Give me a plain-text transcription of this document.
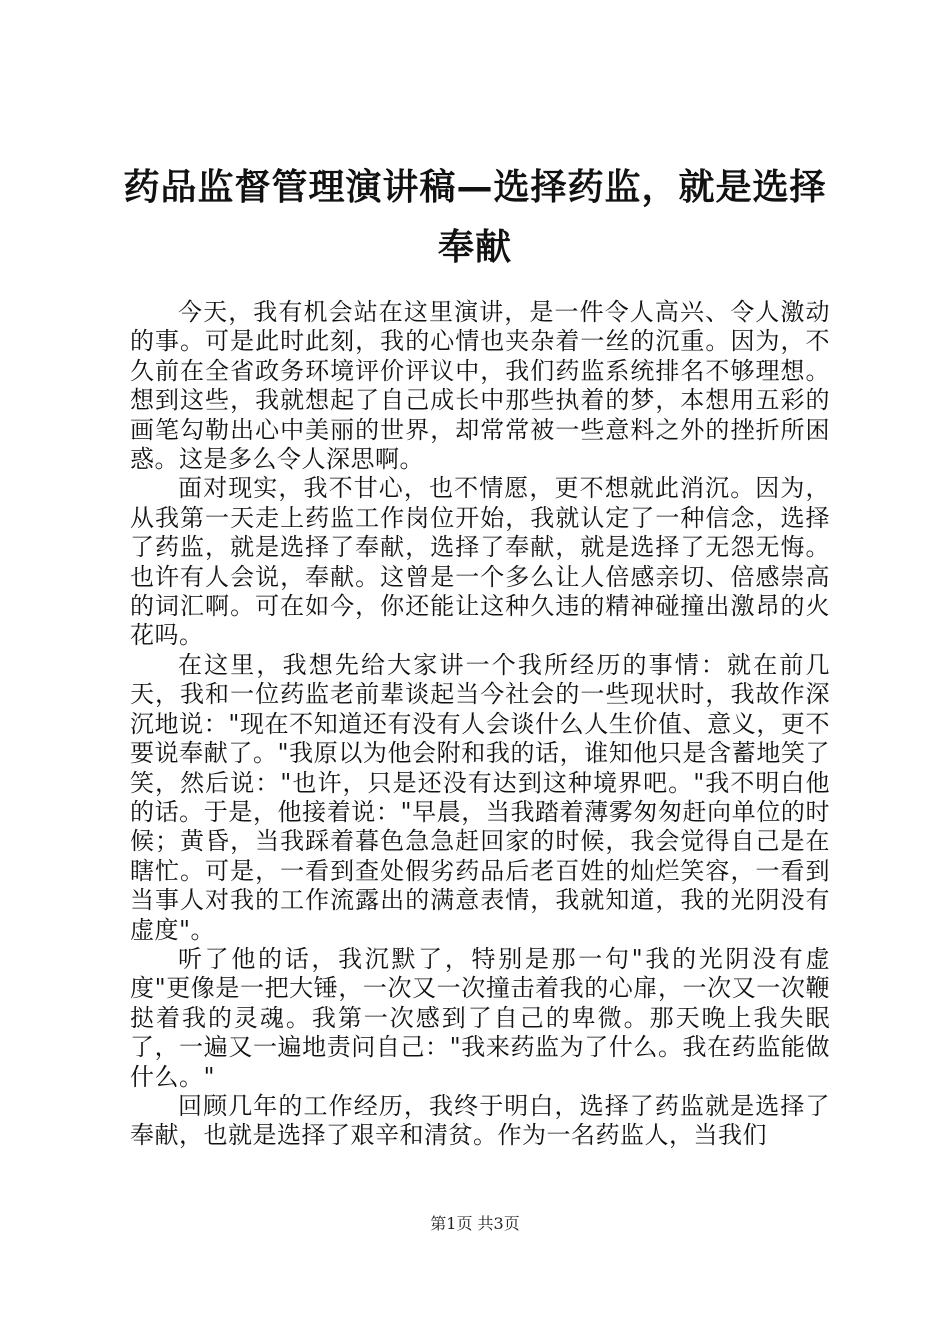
药品监督管理演讲稿—选择药监，就是选择奉献

今天，我有机会站在这里演讲，是一件令人高兴、令人激动的事。可是此时此刻，我的心情也夹杂着一丝的沉重。因为，不久前在全省政务环境评价评议中，我们药监系统排名不够理想。想到这些，我就想起了自己成长中那些执着的梦，本想用五彩的画笔勾勒出心中美丽的世界，却常常被一些意料之外的挫折所困惑。这是多么令人深思啊。

面对现实，我不甘心，也不情愿，更不想就此消沉。因为，从我第一天走上药监工作岗位开始，我就认定了一种信念，选择了药监，就是选择了奉献，选择了奉献，就是选择了无怨无悔。也许有人会说，奉献。这曾是一个多么让人倍感亲切、倍感崇高的词汇啊。可在如今，你还能让这种久违的精神碰撞出激昂的火花吗。

在这里，我想先给大家讲一个我所经历的事情：就在前几天，我和一位药监老前辈谈起当今社会的一些现状时，我故作深沉地说："现在不知道还有没有人会谈什么人生价值、意义，更不要说奉献了。"我原以为他会附和我的话，谁知他只是含蓄地笑了笑，然后说："也许，只是还没有达到这种境界吧。"我不明白他的话。于是，他接着说："早晨，当我踏着薄雾匆匆赶向单位的时候；黄昏，当我踩着暮色急急赶回家的时候，我会觉得自己是在瞎忙。可是，一看到查处假劣药品后老百姓的灿烂笑容，一看到当事人对我的工作流露出的满意表情，我就知道，我的光阴没有虚度"。

听了他的话，我沉默了，特别是那一句"我的光阴没有虚度"更像是一把大锤，一次又一次撞击着我的心扉，一次又一次鞭挞着我的灵魂。我第一次感到了自己的卑微。那天晚上我失眠了，一遍又一遍地责问自己："我来药监为了什么。我在药监能做什么。"

回顾几年的工作经历，我终于明白，选择了药监就是选择了奉献，也就是选择了艰辛和清贫。作为一名药监人，当我们

第1页 共3页
